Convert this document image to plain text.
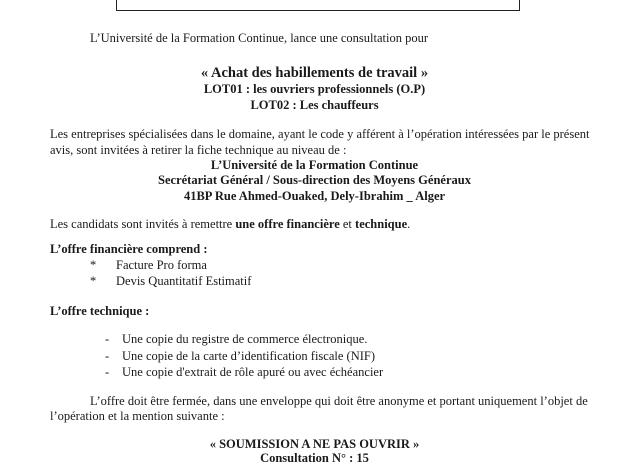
L’Université de la Formation Continue, lance une consultation pour
« Achat des habillements de travail »
LOT01 : les ouvriers professionnels (O.P)
LOT02 : Les chauffeurs
Les entreprises spécialisées dans le domaine, ayant le code y afférent à l’opération intéressées par le présent
avis, sont invitées à retirer la fiche technique au niveau de :
L’Université de la Formation Continue
Secrétariat Général / Sous-direction des Moyens Généraux
41BP Rue Ahmed-Ouaked, Dely-Ibrahim _ Alger
Les candidats sont invités à remettre une offre financière et technique.
L’offre financière comprend :
* Facture Pro forma
* Devis Quantitatif Estimatif
L’offre technique :
- Une copie du registre de commerce électronique.
- Une copie de la carte d’identification fiscale (NIF)
- Une copie d'extrait de rôle apuré ou avec échéancier
L’offre doit être fermée, dans une enveloppe qui doit être anonyme et portant uniquement l’objet de
l’opération et la mention suivante :
« SOUMISSION A NE PAS OUVRIR »
Consultation N° : 15
